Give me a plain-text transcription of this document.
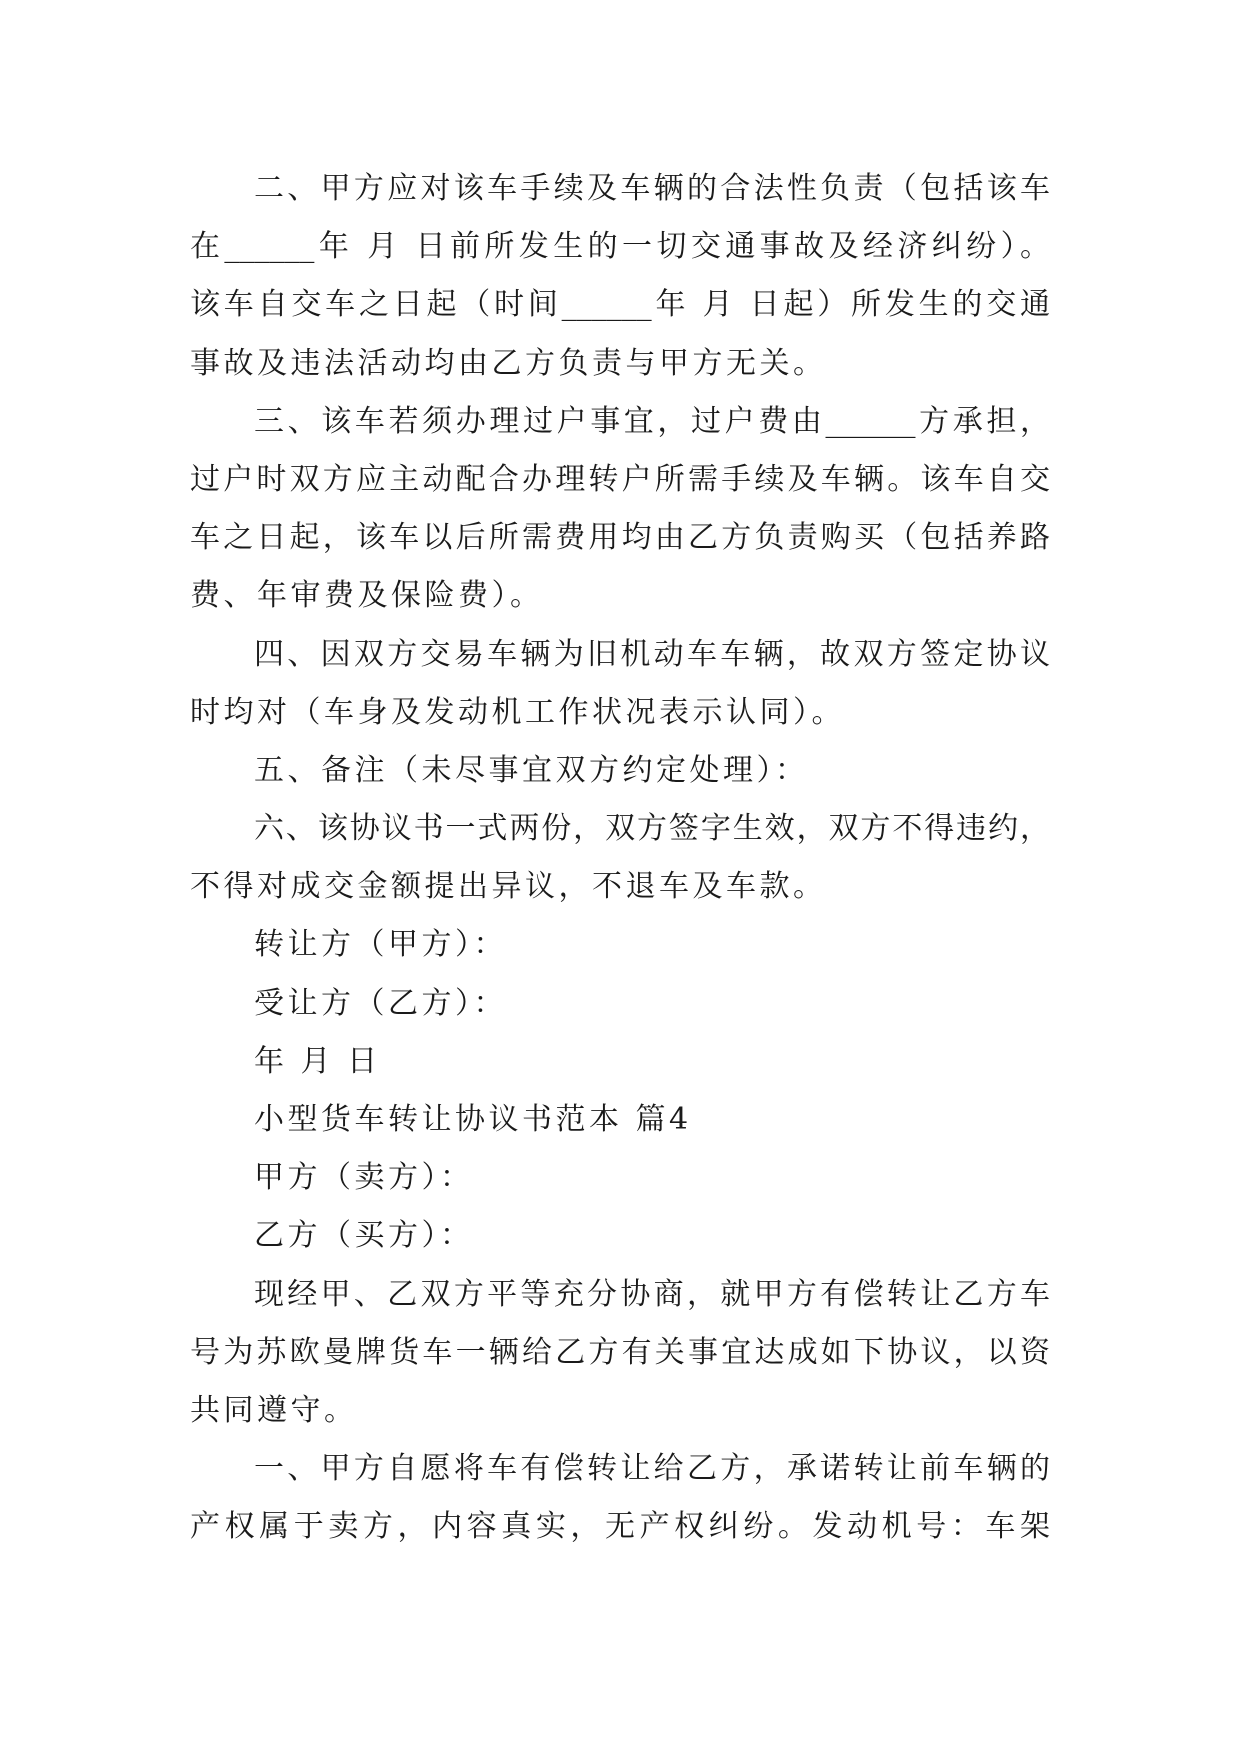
二、甲方应对该车手续及车辆的合法性负责（包括该车
在______年 月 日前所发生的一切交通事故及经济纠纷）。
该车自交车之日起（时间______年 月 日起）所发生的交通
事故及违法活动均由乙方负责与甲方无关。
三、该车若须办理过户事宜，过户费由______方承担，
过户时双方应主动配合办理转户所需手续及车辆。该车自交
车之日起，该车以后所需费用均由乙方负责购买（包括养路
费、年审费及保险费）。
四、因双方交易车辆为旧机动车车辆，故双方签定协议
时均对（车身及发动机工作状况表示认同）。
五、备注（未尽事宜双方约定处理）：
六、该协议书一式两份，双方签字生效，双方不得违约，
不得对成交金额提出异议，不退车及车款。
转让方（甲方）：
受让方（乙方）：
年 月 日
小型货车转让协议书范本 篇4
甲方（卖方）：
乙方（买方）：
现经甲、乙双方平等充分协商，就甲方有偿转让乙方车
号为苏欧曼牌货车一辆给乙方有关事宜达成如下协议，以资
共同遵守。
一、甲方自愿将车有偿转让给乙方，承诺转让前车辆的
产权属于卖方，内容真实，无产权纠纷。发动机号：车架
